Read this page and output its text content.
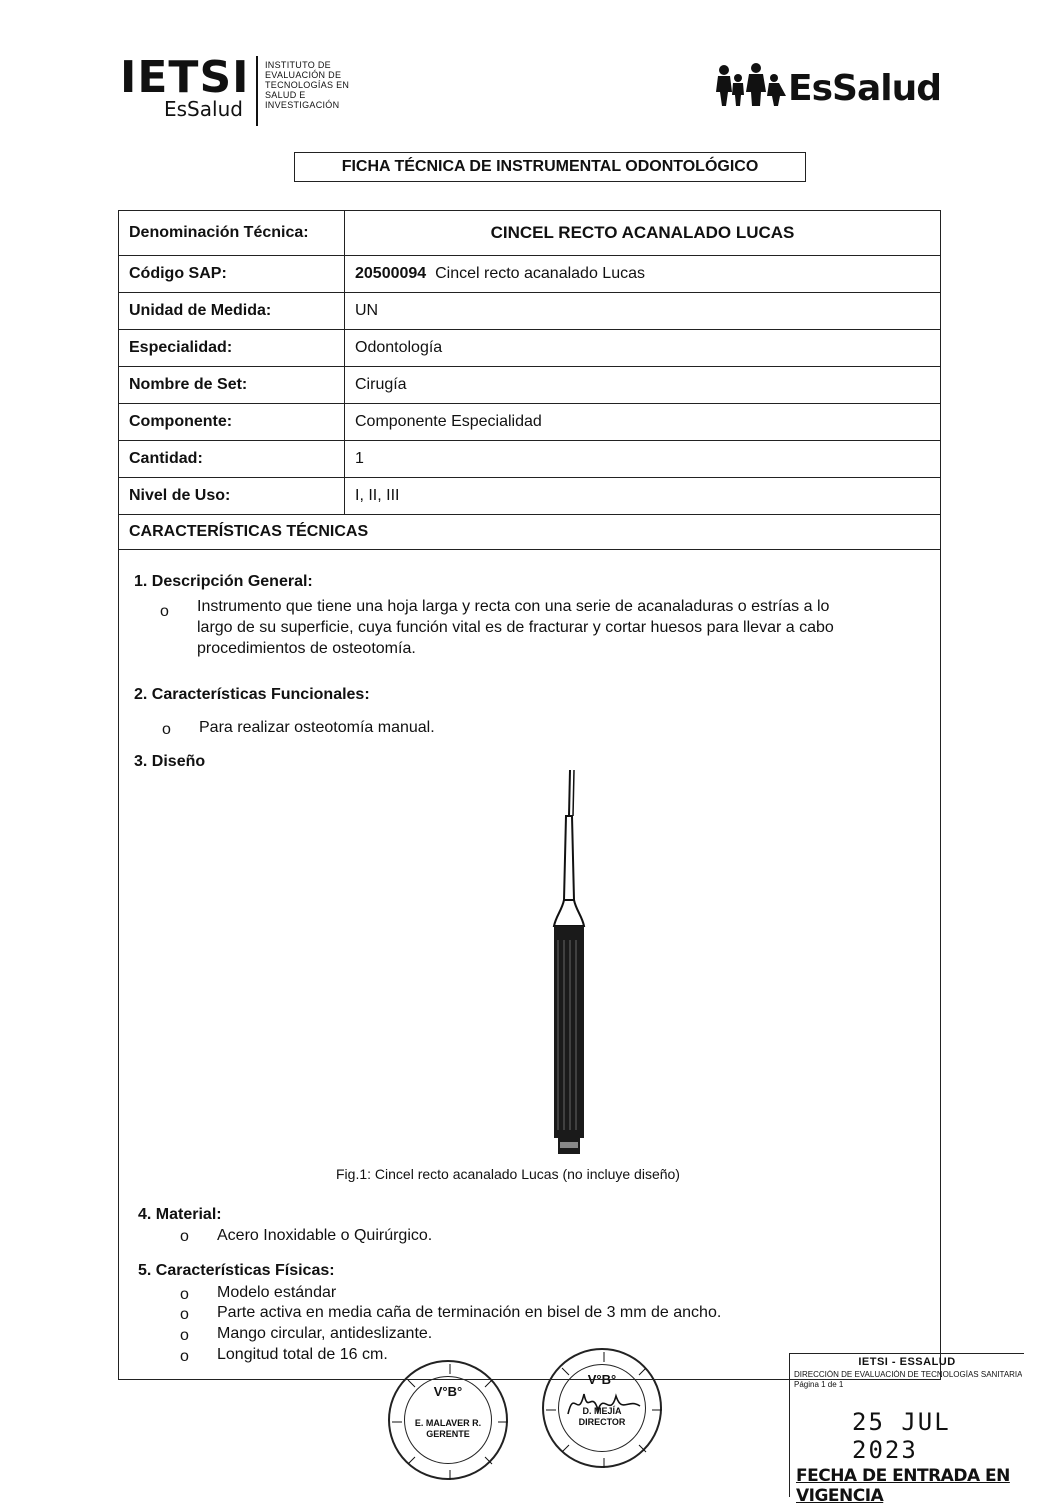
IETSI
EsSalud
INSTITUTO DE
EVALUACIÓN DE
TECNOLOGÍAS EN
SALUD E
INVESTIGACIÓN	EsSalud
FICHA TÉCNICA DE INSTRUMENTAL ODONTOLÓGICO
Denominación Técnica:	CINCEL RECTO ACANALADO LUCAS
Código SAP:	20500094 Cincel recto acanalado Lucas
Unidad de Medida:	UN
Especialidad:	Odontología
Nombre de Set:	Cirugía
Componente:	Componente Especialidad
Cantidad:	1
Nivel de Uso:	I, II, III
CARACTERÍSTICAS TÉCNICAS	
1. Descripción General:
o Instrumento que tiene una hoja larga y recta con una serie de acanaladuras o estrías a lo
largo de su superficie, cuya función vital es de fracturar y cortar huesos para llevar a cabo
procedimientos de osteotomía.
2. Características Funcionales:
o Para realizar osteotomía manual.
3. Diseño
Fig.1: Cincel recto acanalado Lucas (no incluye diseño)
4. Material:
o Acero Inoxidable o Quirúrgico.
5. Características Físicas:
o Modelo estándar
o Parte activa en media caña de terminación en bisel de 3 mm de ancho.
o Mango circular, antideslizante.
o Longitud total de 16 cm.
V°B°
E. MALAVER R.
GERENTE
V°B°
D. MEJÍA
DIRECTOR
IETSI - ESSALUD
DIRECCIÓN DE EVALUACIÓN DE TECNOLOGÍAS SANITARIA
Página 1 de 1
25 JUL 2023
FECHA DE ENTRADA EN VIGENCIA
